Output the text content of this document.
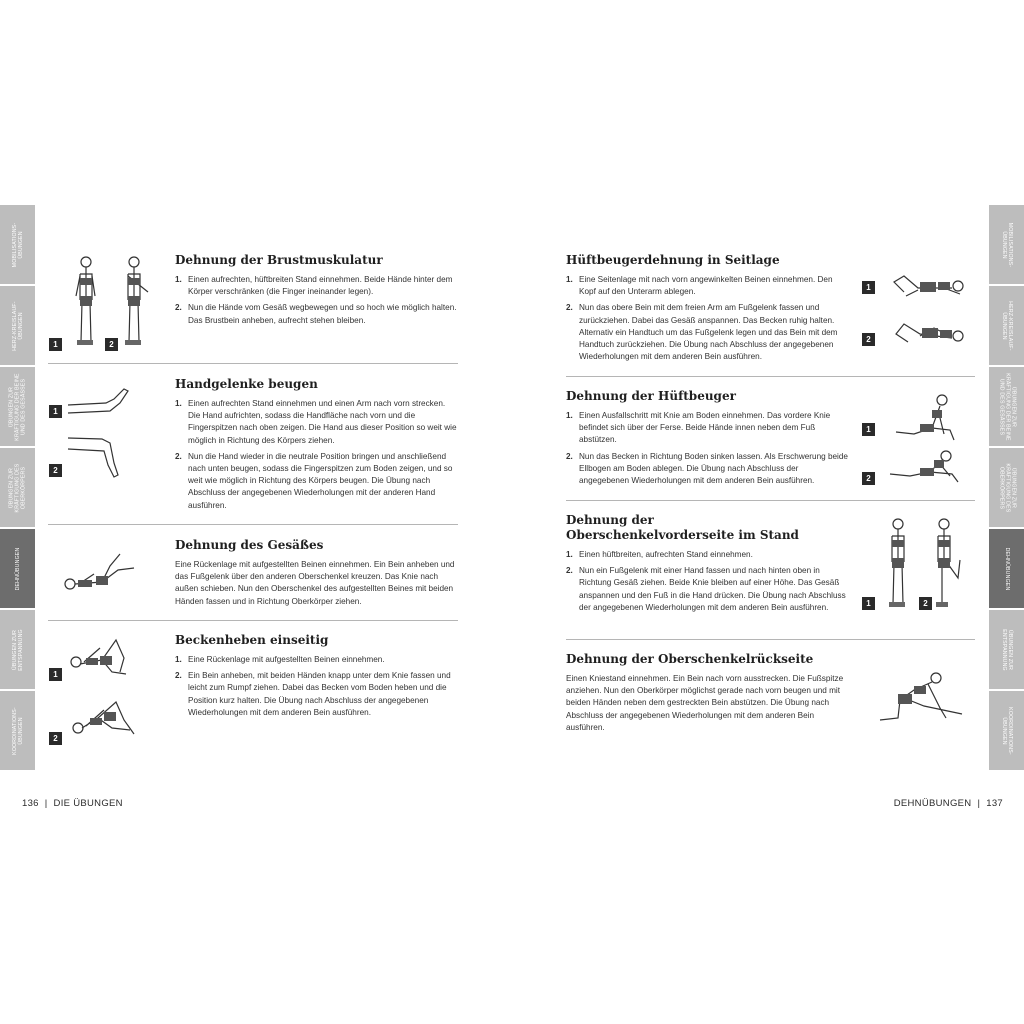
MOBILISATIONS-
ÜBUNGEN
HERZ-KREISLAUF-
ÜBUNGEN
ÜBUNGEN ZUR
KRÄFTIGUNG DER BEINE
UND DES GESÄSSES
ÜBUNGEN ZUR
KRÄFTIGUNG DES
OBERKÖRPERS
DEHNÜBUNGEN
ÜBUNGEN ZUR
ENTSPANNUNG
KOORDINATIONS-
ÜBUNGEN
MOBILISATIONS-
ÜBUNGEN
HERZ-KREISLAUF-
ÜBUNGEN
ÜBUNGEN ZUR
KRÄFTIGUNG DER BEINE
UND DES GESÄSSES
ÜBUNGEN ZUR
KRÄFTIGUNG DES
OBERKÖRPERS
DEHNÜBUNGEN
ÜBUNGEN ZUR
ENTSPANNUNG
KOORDINATIONS-
ÜBUNGEN
1	2
Dehnung der Brustmuskulatur
1. Einen aufrechten, hüftbreiten Stand einnehmen. Beide Hände hinter dem Körper verschränken (die Finger ineinander legen).
2. Nun die Hände vom Gesäß wegbewegen und so hoch wie möglich halten. Das Brustbein anheben, aufrecht stehen bleiben.
1
2
Handgelenke beugen
1. Einen aufrechten Stand einnehmen und einen Arm nach vorn strecken. Die Hand aufrichten, sodass die Handfläche nach vorn und die Fingerspitzen nach oben zeigen. Die Hand aus dieser Position so weit wie möglich in Richtung des Körpers ziehen.
2. Nun die Hand wieder in die neutrale Position bringen und anschließend nach unten beugen, sodass die Fingerspitzen zum Boden zeigen, und so weit wie möglich in Richtung des Körpers beugen. Die Übung nach Abschluss der angegebenen Wiederholungen mit der anderen Hand ausführen.
Dehnung des Gesäßes

Eine Rückenlage mit aufgestellten Beinen einnehmen. Ein Bein anheben und das Fußgelenk über den anderen Oberschenkel kreuzen. Das Knie nach außen schieben. Nun den Oberschenkel des aufgestellten Beines mit beiden Händen fassen und in Richtung Oberkörper ziehen.

1
2
Beckenheben einseitig
1. Eine Rückenlage mit aufgestellten Beinen einnehmen.
2. Ein Bein anheben, mit beiden Händen knapp unter dem Knie fassen und leicht zum Rumpf ziehen. Dabei das Becken vom Boden heben und die Position kurz halten. Die Übung nach Abschluss der angegebenen Wiederholungen mit dem anderen Bein ausführen.
Hüftbeugerdehnung in Seitlage
1. Eine Seitenlage mit nach vorn angewinkelten Beinen einnehmen. Den Kopf auf den Unterarm ablegen.
2. Nun das obere Bein mit dem freien Arm am Fußgelenk fassen und zurückziehen. Dabei das Gesäß anspannen. Das Becken ruhig halten. Alternativ ein Handtuch um das Fußgelenk legen und das Bein mit dem Handtuch zurückziehen. Die Übung nach Abschluss der angegebenen Wiederholungen mit dem anderen Bein ausführen.
1
2
Dehnung der Hüftbeuger
1. Einen Ausfallschritt mit Knie am Boden einnehmen. Das vordere Knie befindet sich über der Ferse. Beide Hände innen neben dem Fuß abstützen.
2. Nun das Becken in Richtung Boden sinken lassen. Als Erschwerung beide Ellbogen am Boden ablegen. Die Übung nach Abschluss der angegebenen Wiederholungen mit dem anderen Bein ausführen.
1
2
Dehnung der Oberschenkelvorderseite im Stand
1. Einen hüftbreiten, aufrechten Stand einnehmen.
2. Nun ein Fußgelenk mit einer Hand fassen und nach hinten oben in Richtung Gesäß ziehen. Beide Knie bleiben auf einer Höhe. Das Gesäß anspannen und den Fuß in die Hand drücken. Die Übung nach Abschluss der angegebenen Wiederholungen mit dem anderen Bein ausführen.	1	2
Dehnung der Oberschenkelrückseite

Einen Kniestand einnehmen. Ein Bein nach vorn ausstrecken. Die Fußspitze anziehen. Nun den Oberkörper möglichst gerade nach vorn beugen und mit beiden Händen neben dem gestreckten Bein abstützen. Die Übung nach Abschluss der angegebenen Wiederholungen mit dem anderen Bein ausführen.

136 | DIE ÜBUNGEN	DEHNÜBUNGEN | 137
